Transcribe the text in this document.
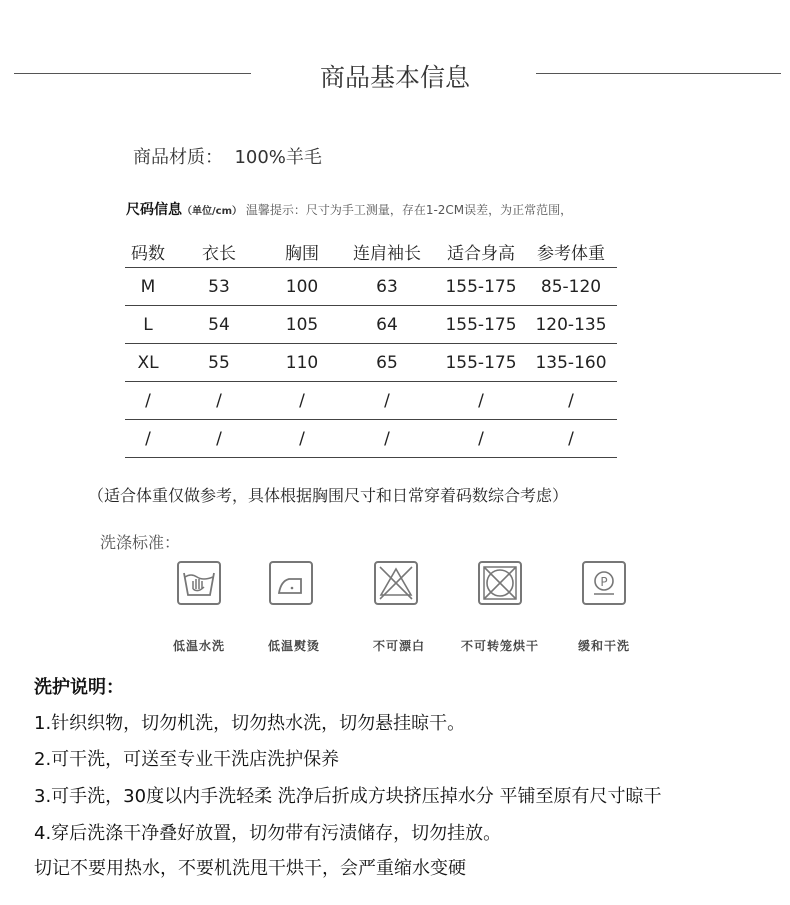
商品基本信息
商品材质： 100%羊毛
尺码信息（单位/cm） 温馨提示：尺寸为手工测量，存在1-2CM误差，为正常范围，
码数	衣长	胸围	连肩袖长	适合身高	参考体重
M	53	100	63	155-175	85-120
L	54	105	64	155-175	120-135
XL	55	110	65	155-175	135-160
/	/	/	/	/	/
/	/	/	/	/	/
（适合体重仅做参考，具体根据胸围尺寸和日常穿着码数综合考虑）
洗涤标准：
P
低温水洗	低温熨烫	不可漂白	不可转笼烘干	缓和干洗
洗护说明：
1.针织织物，切勿机洗，切勿热水洗，切勿悬挂晾干。
2.可干洗，可送至专业干洗店洗护保养
3.可手洗，30度以内手洗轻柔 洗净后折成方块挤压掉水分 平铺至原有尺寸晾干
4.穿后洗涤干净叠好放置，切勿带有污渍储存，切勿挂放。
切记不要用热水，不要机洗甩干烘干，会严重缩水变硬
